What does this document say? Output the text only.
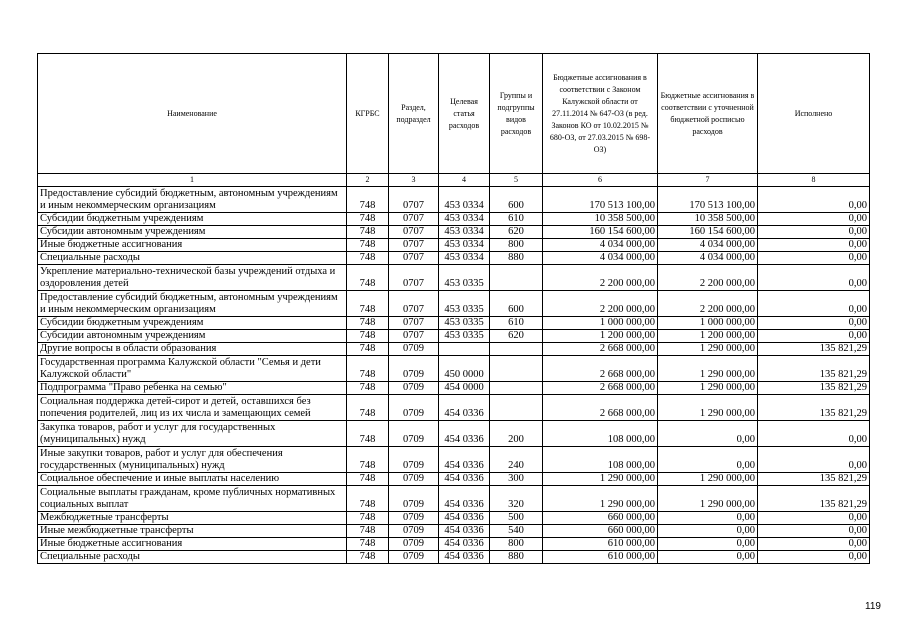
Наименование	КГРБС	Раздел, подраздел	Целевая статья расходов	Группы и подгруппы видов расходов	Бюджетные ассигнования в соответствии с Законом Калужской области от 27.11.2014 № 647-ОЗ (в ред. Законов КО от 10.02.2015 № 680-ОЗ, от 27.03.2015 № 698-ОЗ)	Бюджетные ассигнования в соответствии с уточненной бюджетной росписью расходов	Исполнено
1	2	3	4	5	6	7	8
Предоставление субсидий бюджетным, автономным учреждениям и иным некоммерческим организациям	748	0707	453 0334	600	170 513 100,00	170 513 100,00	0,00
Субсидии бюджетным учреждениям	748	0707	453 0334	610	10 358 500,00	10 358 500,00	0,00
Субсидии автономным учреждениям	748	0707	453 0334	620	160 154 600,00	160 154 600,00	0,00
Иные бюджетные ассигнования	748	0707	453 0334	800	4 034 000,00	4 034 000,00	0,00
Специальные расходы	748	0707	453 0334	880	4 034 000,00	4 034 000,00	0,00
Укрепление материально-технической базы учреждений отдыха и оздоровления детей	748	0707	453 0335		2 200 000,00	2 200 000,00	0,00
Предоставление субсидий бюджетным, автономным учреждениям и иным некоммерческим организациям	748	0707	453 0335	600	2 200 000,00	2 200 000,00	0,00
Субсидии бюджетным учреждениям	748	0707	453 0335	610	1 000 000,00	1 000 000,00	0,00
Субсидии автономным учреждениям	748	0707	453 0335	620	1 200 000,00	1 200 000,00	0,00
Другие вопросы в области образования	748	0709			2 668 000,00	1 290 000,00	135 821,29
Государственная программа Калужской области "Семья и дети Калужской области"	748	0709	450 0000		2 668 000,00	1 290 000,00	135 821,29
Подпрограмма "Право ребенка на семью"	748	0709	454 0000		2 668 000,00	1 290 000,00	135 821,29
Социальная поддержка детей-сирот и детей, оставшихся без попечения родителей, лиц из их числа и замещающих семей	748	0709	454 0336		2 668 000,00	1 290 000,00	135 821,29
Закупка товаров, работ и услуг для государственных (муниципальных) нужд	748	0709	454 0336	200	108 000,00	0,00	0,00
Иные закупки товаров, работ и услуг для обеспечения государственных (муниципальных) нужд	748	0709	454 0336	240	108 000,00	0,00	0,00
Социальное обеспечение и иные выплаты населению	748	0709	454 0336	300	1 290 000,00	1 290 000,00	135 821,29
Социальные выплаты гражданам, кроме публичных нормативных социальных выплат	748	0709	454 0336	320	1 290 000,00	1 290 000,00	135 821,29
Межбюджетные трансферты	748	0709	454 0336	500	660 000,00	0,00	0,00
Иные межбюджетные трансферты	748	0709	454 0336	540	660 000,00	0,00	0,00
Иные бюджетные ассигнования	748	0709	454 0336	800	610 000,00	0,00	0,00
Специальные расходы	748	0709	454 0336	880	610 000,00	0,00	0,00
119
